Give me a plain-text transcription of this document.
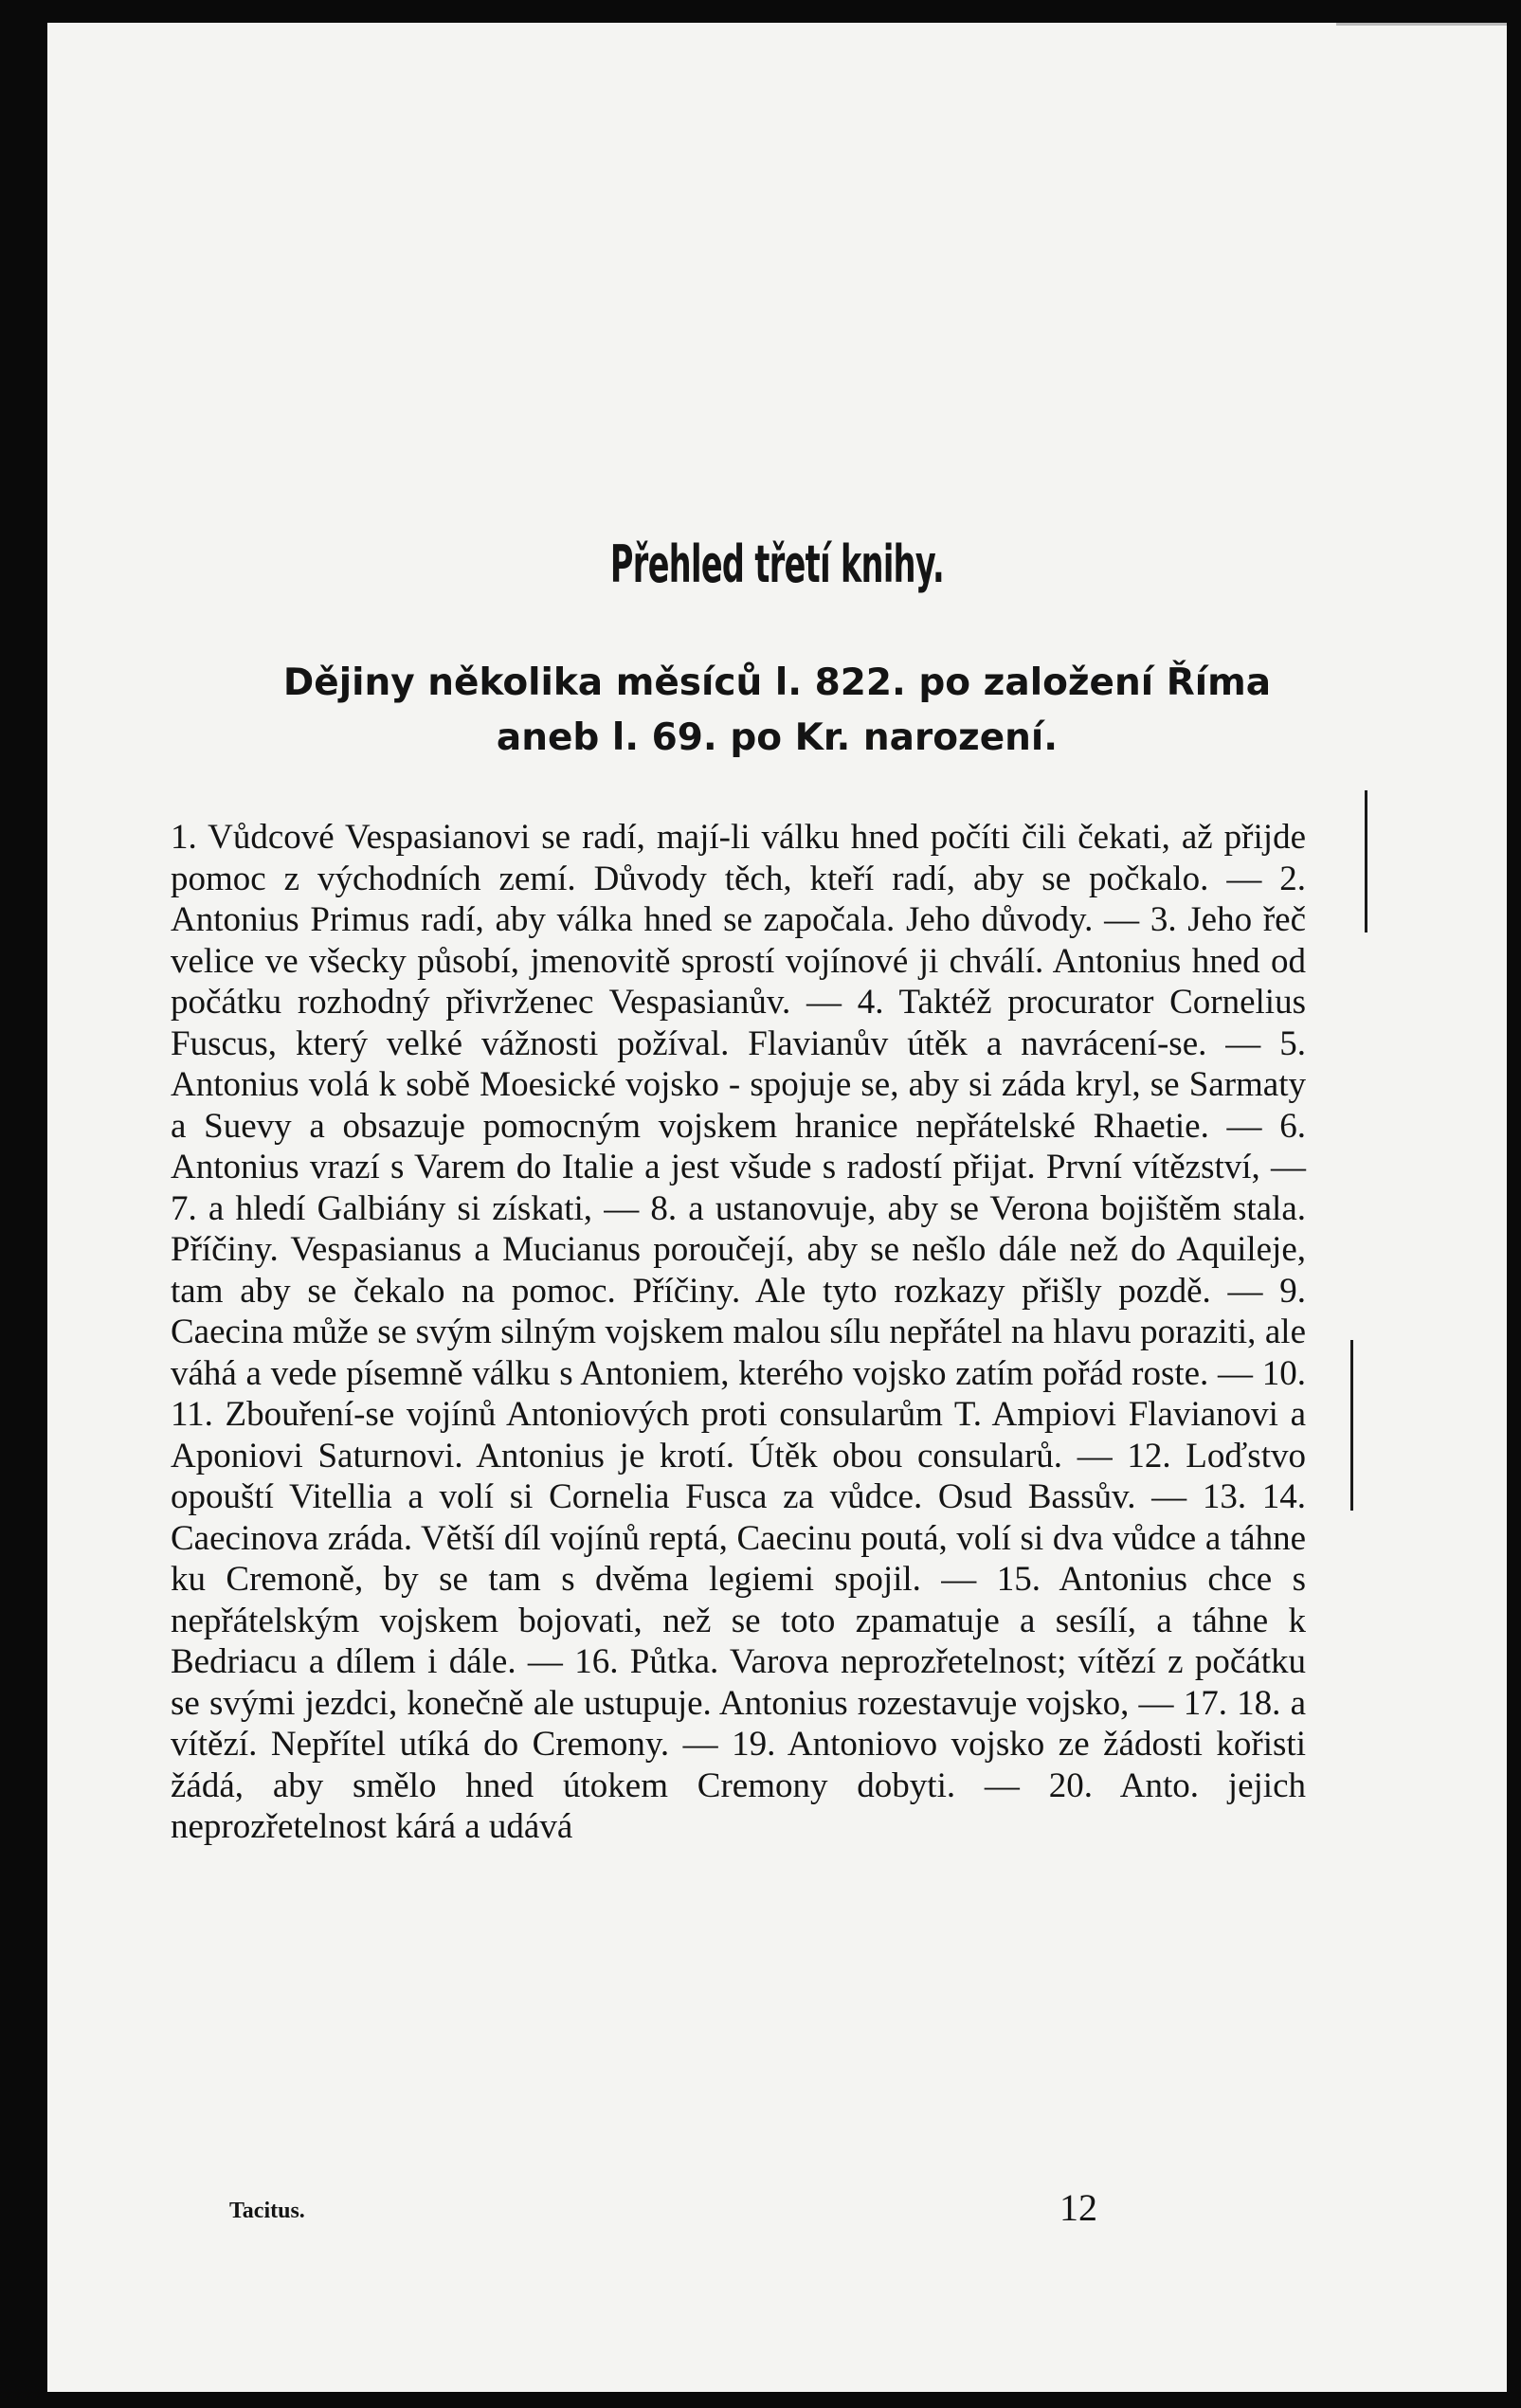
Přehled třetí knihy.
Dějiny několika měsíců l. 822. po založení Říma
aneb l. 69. po Kr. narození.

1. Vůdcové Vespasianovi se radí, mají-li válku hned počíti čili čekati, až přijde pomoc z východních zemí. Důvody těch, kteří radí, aby se počkalo. — 2. Antonius Primus radí, aby válka hned se započala. Jeho důvody. — 3. Jeho řeč velice ve všecky působí, jmenovitě sprostí vojínové ji chválí. Antonius hned od počátku rozhodný přivrženec Vespasianův. — 4. Taktéž procurator Cornelius Fuscus, který velké vážnosti požíval. Flavianův útěk a navrácení-se. — 5. Antonius volá k sobě Moesické vojsko - spojuje se, aby si záda kryl, se Sarmaty a Suevy a obsazuje pomocným vojskem hranice nepřátelské Rhaetie. — 6. Antonius vrazí s Varem do Italie a jest všude s radostí přijat. První vítězství, — 7. a hledí Galbiány si získati, — 8. a ustanovuje, aby se Verona bojištěm stala. Příčiny. Vespasianus a Mucianus poroučejí, aby se nešlo dále než do Aquileje, tam aby se čekalo na pomoc. Příčiny. Ale tyto rozkazy přišly pozdě. — 9. Caecina může se svým silným vojskem malou sílu nepřátel na hlavu poraziti, ale váhá a vede písemně válku s Antoniem, kterého vojsko zatím pořád roste. — 10. 11. Zbouření-se vojínů Antoniových proti consularům T. Ampiovi Flavianovi a Aponiovi Saturnovi. Antonius je krotí. Útěk obou consularů. — 12. Loďstvo opouští Vitellia a volí si Cornelia Fusca za vůdce. Osud Bassův. — 13. 14. Caecinova zráda. Větší díl vojínů reptá, Caecinu poutá, volí si dva vůdce a táhne ku Cremoně, by se tam s dvěma legiemi spojil. — 15. Antonius chce s nepřátelským vojskem bojovati, než se toto zpamatuje a sesílí, a táhne k Bedriacu a dílem i dále. — 16. Půtka. Varova neprozřetelnost; vítězí z počátku se svými jezdci, konečně ale ustupuje. Antonius rozestavuje vojsko, — 17. 18. a vítězí. Nepřítel utíká do Cremony. — 19. Antoniovo vojsko ze žádosti kořisti žádá, aby smělo hned útokem Cremony dobyti. — 20. Anto. jejich neprozřetelnost kárá a udává

Tacitus.	12
